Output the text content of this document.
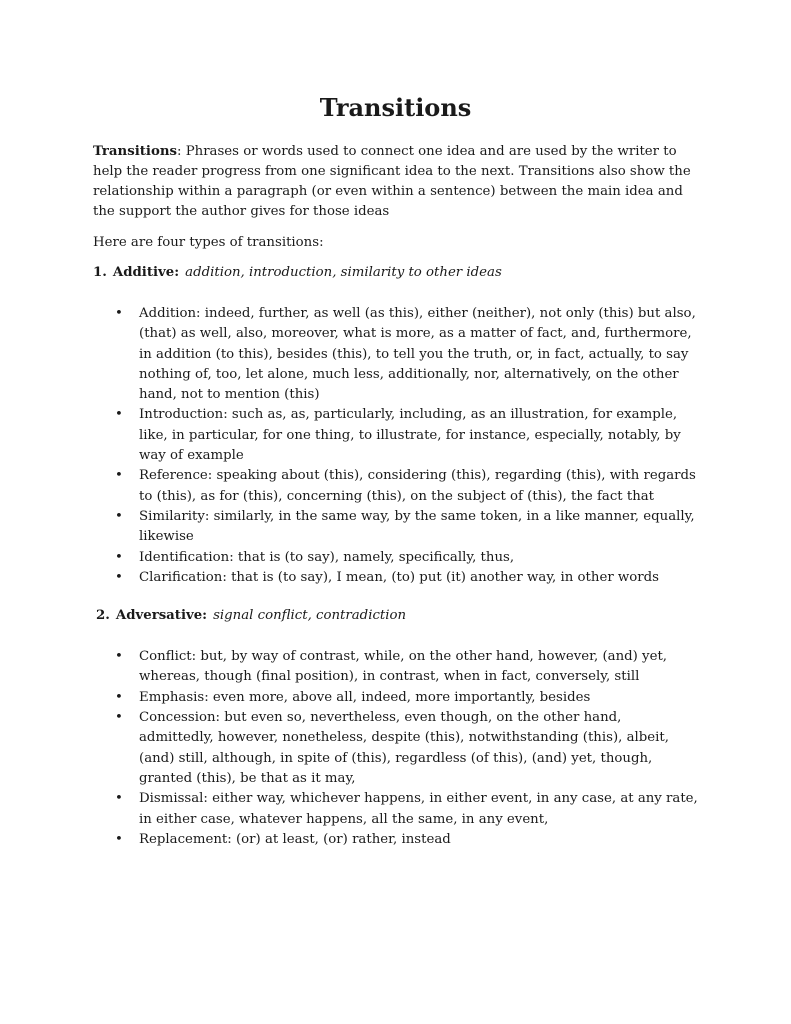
Transitions

Transitions: Phrases or words used to connect one idea and are used by the writer to help the reader progress from one significant idea to the next. Transitions also show the relationship within a paragraph (or even within a sentence) between the main idea and the support the author gives for those ideas

Here are four types of transitions:

1. Additive: addition, introduction, similarity to other ideas
• Addition: indeed, further, as well (as this), either (neither), not only (this) but also, (that) as well, also, moreover, what is more, as a matter of fact, and, furthermore, in addition (to this), besides (this), to tell you the truth, or, in fact, actually, to say nothing of, too, let alone, much less, additionally, nor, alternatively, on the other hand, not to mention (this)
• Introduction: such as, as, particularly, including, as an illustration, for example, like, in particular, for one thing, to illustrate, for instance, especially, notably, by way of example
• Reference: speaking about (this), considering (this), regarding (this), with regards to (this), as for (this), concerning (this), on the subject of (this), the fact that
• Similarity: similarly, in the same way, by the same token, in a like manner, equally, likewise
• Identification: that is (to say), namely, specifically, thus,
• Clarification: that is (to say), I mean, (to) put (it) another way, in other words
2. Adversative: signal conflict, contradiction
• Conflict: but, by way of contrast, while, on the other hand, however, (and) yet, whereas, though (final position), in contrast, when in fact, conversely, still
• Emphasis: even more, above all, indeed, more importantly, besides
• Concession: but even so, nevertheless, even though, on the other hand, admittedly, however, nonetheless, despite (this), notwithstanding (this), albeit, (and) still, although, in spite of (this), regardless (of this), (and) yet, though, granted (this), be that as it may,
• Dismissal: either way, whichever happens, in either event, in any case, at any rate, in either case, whatever happens, all the same, in any event,
• Replacement: (or) at least, (or) rather, instead
